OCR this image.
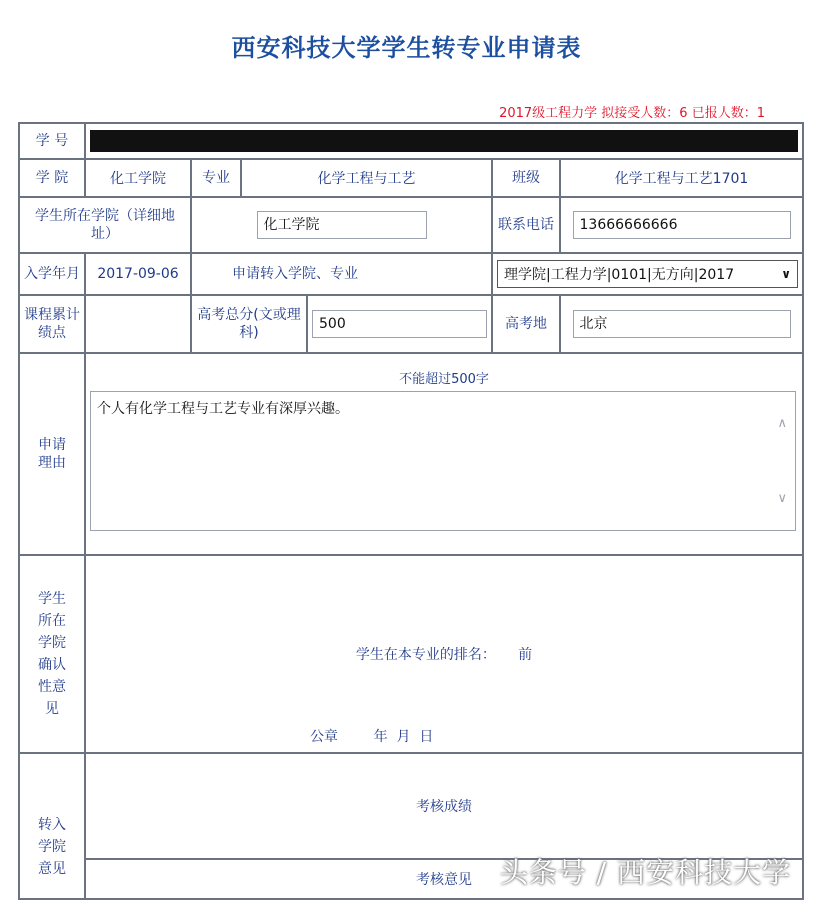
西安科技大学学生转专业申请表
2017级工程力学 拟接受人数：6 已报人数：1
学 号						

学 院	化工学院	专业	化学工程与工艺		班级	化学工程与工艺1701
学生所在学院（详细地址）		化工学院			联系电话	13666666666
入学年月	2017-09-06	申请转入学院、专业			理学院|工程力学|0101|无方向|2017 ∨	

课程累计绩点		高考总分(文或理科)		500	高考地	北京
申请理由	不能超过500字
个人有化学工程与工艺专业有深厚兴趣。
∧
∨					

学生所在学院确认性意见	学生在本专业的排名：     前
公章        年  月  日					

转入学院意见	考核成绩					

	考核意见					头条号 / 西安科技大学
